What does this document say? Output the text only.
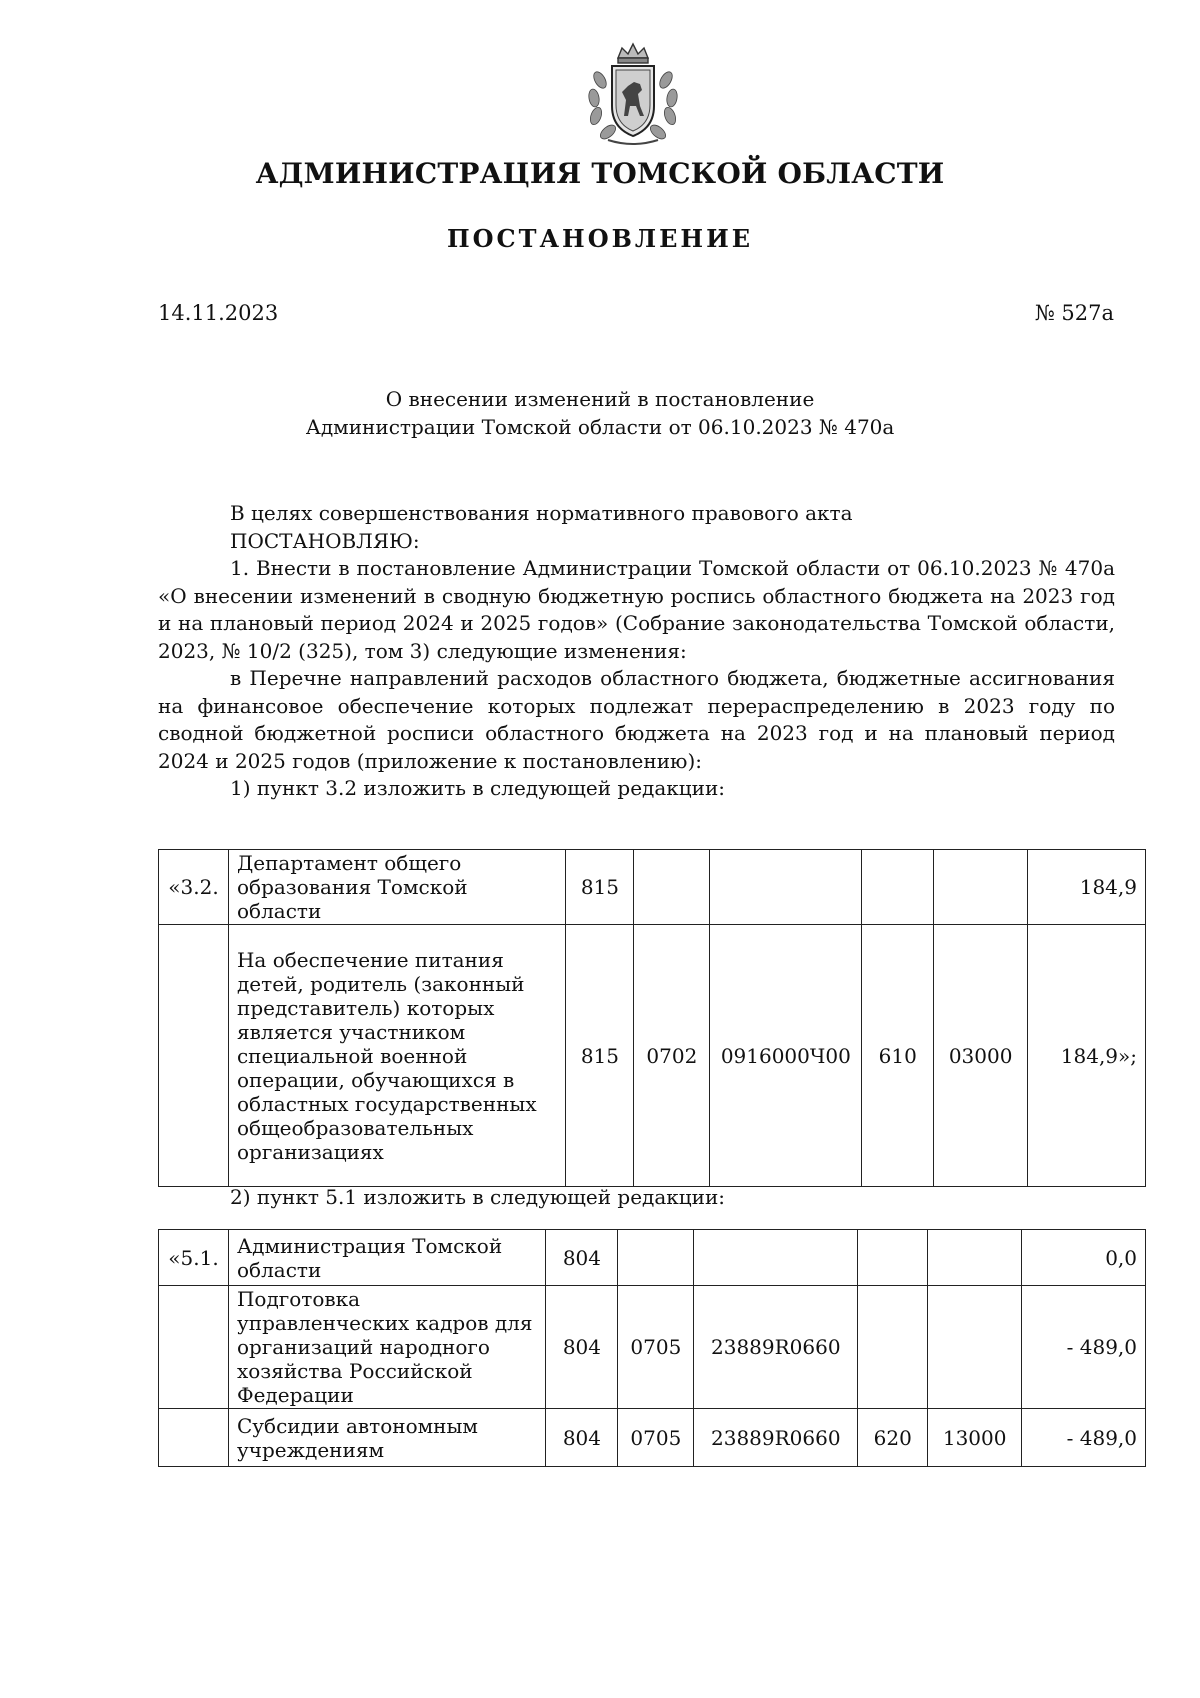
АДМИНИСТРАЦИЯ ТОМСКОЙ ОБЛАСТИ
ПОСТАНОВЛЕНИЕ
14.11.2023	№ 527а
О внесении изменений в постановление
Администрации Томской области от 06.10.2023 № 470а

В целях совершенствования нормативного правового акта

ПОСТАНОВЛЯЮ:

1. Внести в постановление Администрации Томской области от 06.10.2023 № 470а «О внесении изменений в сводную бюджетную роспись областного бюджета на 2023 год и на плановый период 2024 и 2025 годов» (Собрание законодательства Томской области, 2023, № 10/2 (325), том 3) следующие изменения:

в Перечне направлений расходов областного бюджета, бюджетные ассигнования на финансовое обеспечение которых подлежат перераспределению в 2023 году по сводной бюджетной росписи областного бюджета на 2023 год и на плановый период 2024 и 2025 годов (приложение к постановлению):

1) пункт 3.2 изложить в следующей редакции:

«3.2.	Департамент общего образования Томской области	815					184,9
	На обеспечение питания детей, родитель (законный представитель) которых является участником специальной военной операции, обучающихся в областных государственных общеобразовательных организациях	815	0702	0916000Ч00	610	03000	184,9»;
2) пункт 5.1 изложить в следующей редакции:
«5.1.	Администрация Томской области	804					0,0
	Подготовка управленческих кадров для организаций народного хозяйства Российской Федерации	804	0705	23889R0660			- 489,0
	Субсидии автономным учреждениям	804	0705	23889R0660	620	13000	- 489,0
